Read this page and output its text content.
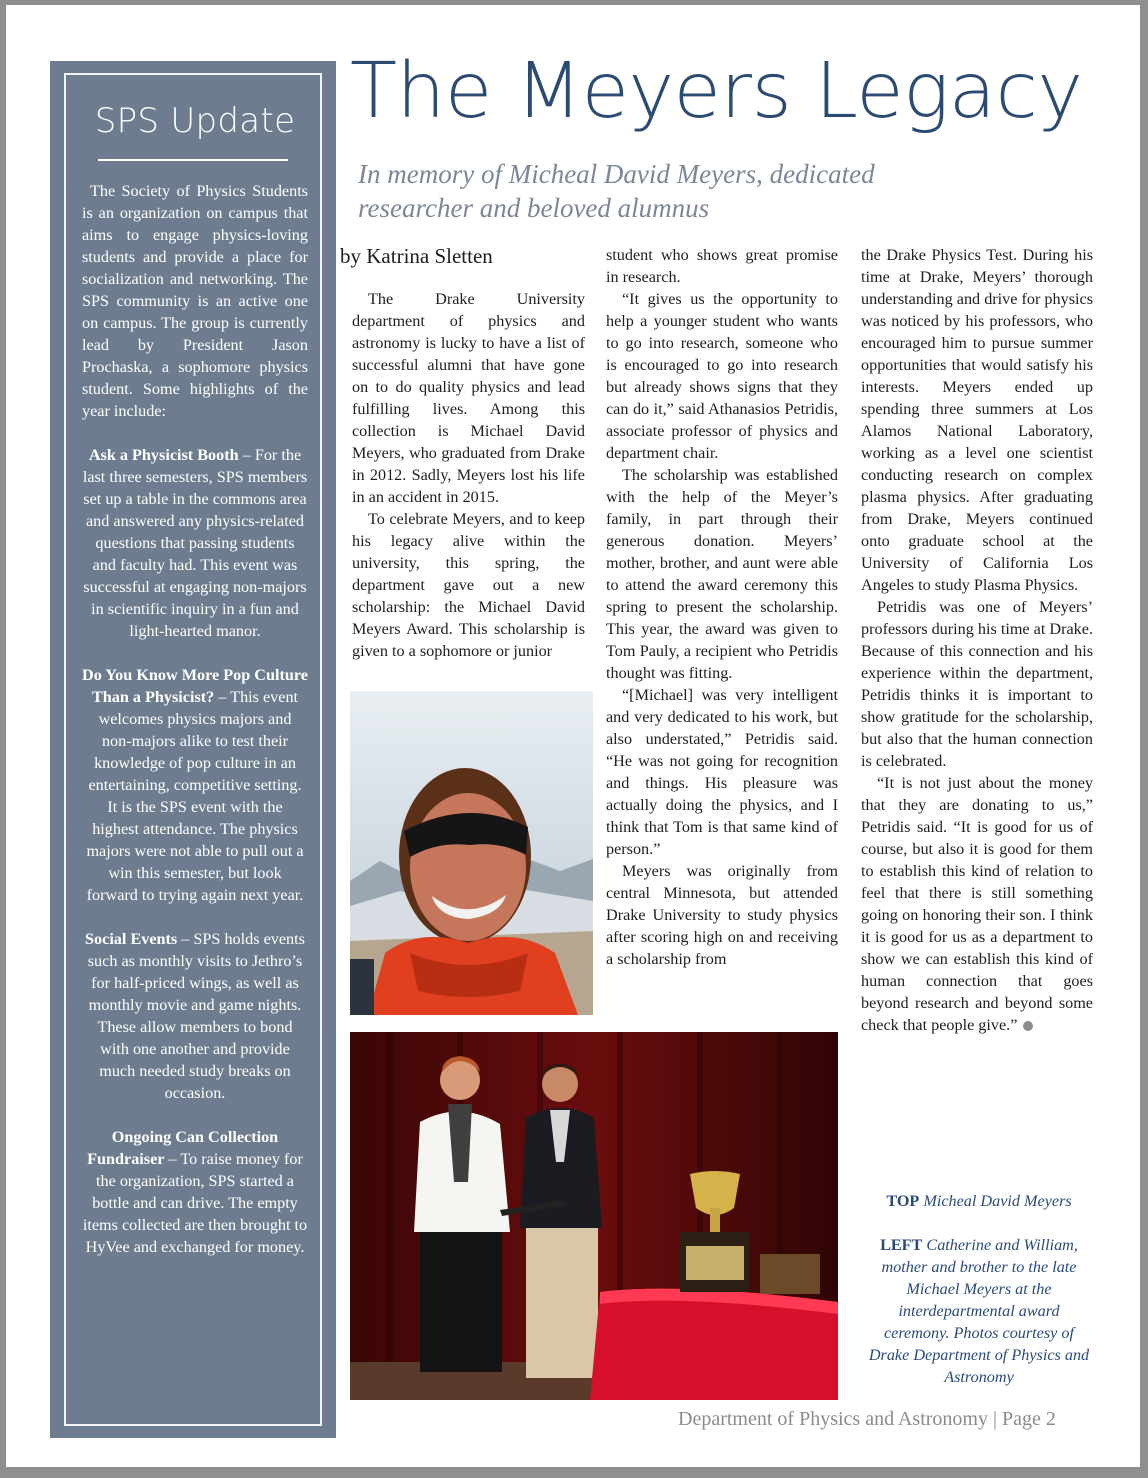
SPS Update

The Society of Physics Students is an organization on campus that aims to engage physics-loving students and provide a place for socialization and networking. The SPS community is an active one on campus. The group is currently lead by President Jason Prochaska, a sophomore physics student. Some highlights of the year include:

Ask a Physicist Booth – For the last three semesters, SPS members set up a table in the commons area and answered any physics-related questions that passing students and faculty had. This event was successful at engaging non-majors in scientific inquiry in a fun and light-hearted manor.

Do You Know More Pop Culture Than a Physicist? – This event welcomes physics majors and non-majors alike to test their knowledge of pop culture in an entertaining, competitive setting. It is the SPS event with the highest attendance. The physics majors were not able to pull out a win this semester, but look forward to trying again next year.

Social Events – SPS holds events such as monthly visits to Jethro’s for half-priced wings, as well as monthly movie and game nights. These allow members to bond with one another and provide much needed study breaks on occasion.

Ongoing Can Collection Fundraiser – To raise money for the organization, SPS started a bottle and can drive. The empty items collected are then brought to HyVee and exchanged for money.

The Meyers Legacy
In memory of Micheal David Meyers, dedicated researcher and beloved alumnus
by Katrina Sletten

The Drake University department of physics and astronomy is lucky to have a list of successful alumni that have gone on to do quality physics and lead fulfilling lives. Among this collection is Michael David Meyers, who graduated from Drake in 2012. Sadly, Meyers lost his life in an accident in 2015.

To celebrate Meyers, and to keep his legacy alive within the university, this spring, the department gave out a new scholarship: the Michael David Meyers Award. This scholarship is given to a sophomore or junior

student who shows great promise in research.

“It gives us the opportunity to help a younger student who wants to go into research, someone who is encouraged to go into research but already shows signs that they can do it,” said Athanasios Petridis, associate professor of physics and department chair.

The scholarship was established with the help of the Meyer’s family, in part through their generous donation. Meyers’ mother, brother, and aunt were able to attend the award ceremony this spring to present the scholarship. This year, the award was given to Tom Pauly, a recipient who Petridis thought was fitting.

“[Michael] was very intelligent and very dedicated to his work, but also understated,” Petridis said. “He was not going for recognition and things. His pleasure was actually doing the physics, and I think that Tom is that same kind of person.”

Meyers was originally from central Minnesota, but attended Drake University to study physics after scoring high on and receiving a scholarship from

the Drake Physics Test. During his time at Drake, Meyers’ thorough understanding and drive for physics was noticed by his professors, who encouraged him to pursue summer opportunities that would satisfy his interests. Meyers ended up spending three summers at Los Alamos National Laboratory, working as a level one scientist conducting research on complex plasma physics. After graduating from Drake, Meyers continued onto graduate school at the University of California Los Angeles to study Plasma Physics.

Petridis was one of Meyers’ professors during his time at Drake. Because of this connection and his experience within the department, Petridis thinks it is important to show gratitude for the scholarship, but also that the human connection is celebrated.

“It is not just about the money that they are donating to us,” Petridis said. “It is good for us of course, but also it is good for them to establish this kind of relation to feel that there is still something going on honoring their son. I think it is good for us as a department to show we can establish this kind of human connection that goes beyond research and beyond some check that people give.”

TOP Micheal David Meyers

LEFT Catherine and William, mother and brother to the late Michael Meyers at the interdepartmental award ceremony. Photos courtesy of Drake Department of Physics and Astronomy

Department of Physics and Astronomy | Page 2
